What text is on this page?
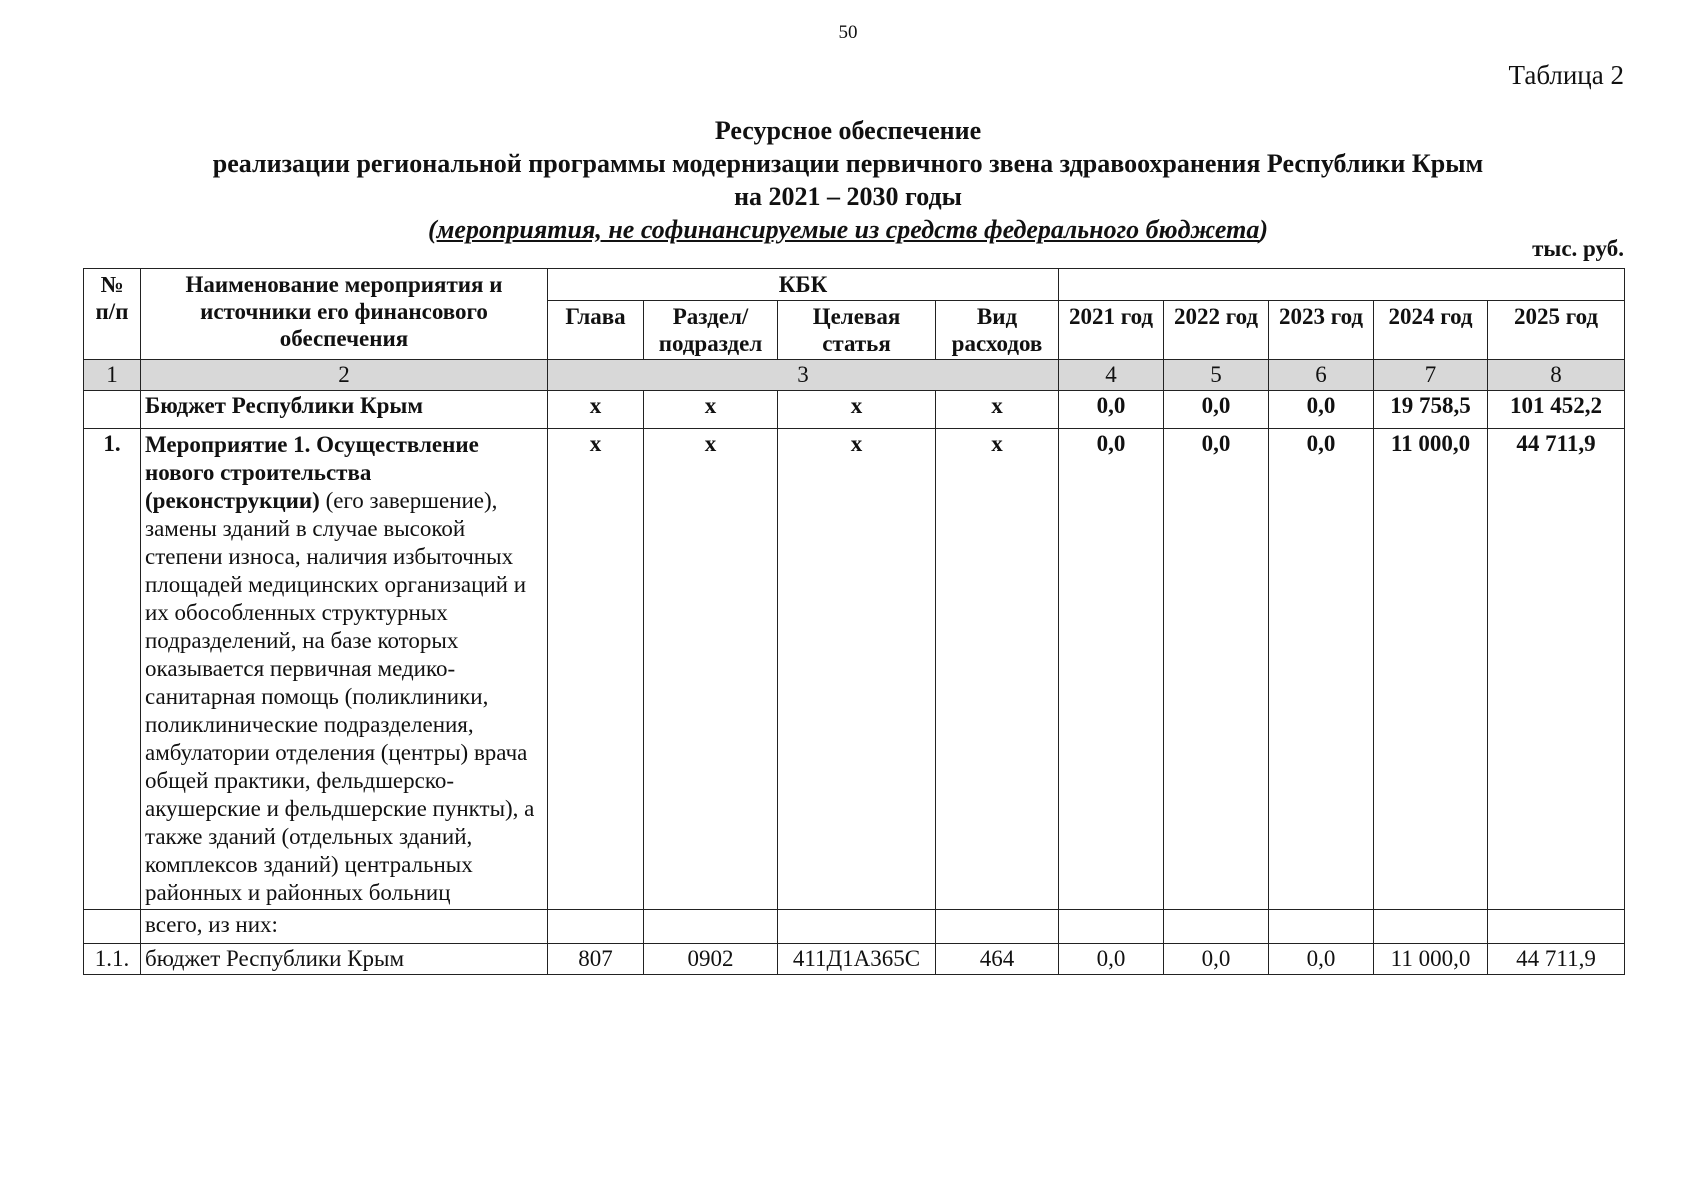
50
Таблица 2
Ресурсное обеспечение
реализации региональной программы модернизации первичного звена здравоохранения Республики Крым
на 2021 – 2030 годы
(мероприятия, не софинансируемые из средств федерального бюджета)
тыс. руб.
№ п/п	Наименование мероприятия и источники его финансового обеспечения	КБК								
		Глава	Раздел/ подраздел	Целевая статья	Вид расходов	2021 год	2022 год	2023 год	2024 год	2025 год
1	2	3				4	5	6	7	8
	Бюджет Республики Крым	х	х	х	х	0,0	0,0	0,0	19 758,5	101 452,2
1.	Мероприятие 1. Осуществление нового строительства (реконструкции) (его завершение), замены зданий в случае высокой степени износа, наличия избыточных площадей медицинских организаций и их обособленных структурных подразделений, на базе которых оказывается первичная медико-санитарная помощь (поликлиники, поликлинические подразделения, амбулатории отделения (центры) врача общей практики, фельдшерско-акушерские и фельдшерские пункты), а также зданий (отдельных зданий, комплексов зданий) центральных районных и районных больниц	х	х	х	х	0,0	0,0	0,0	11 000,0	44 711,9
	всего, из них:									
1.1.	бюджет Республики Крым	807	0902	411Д1А365С	464	0,0	0,0	0,0	11 000,0	44 711,9
